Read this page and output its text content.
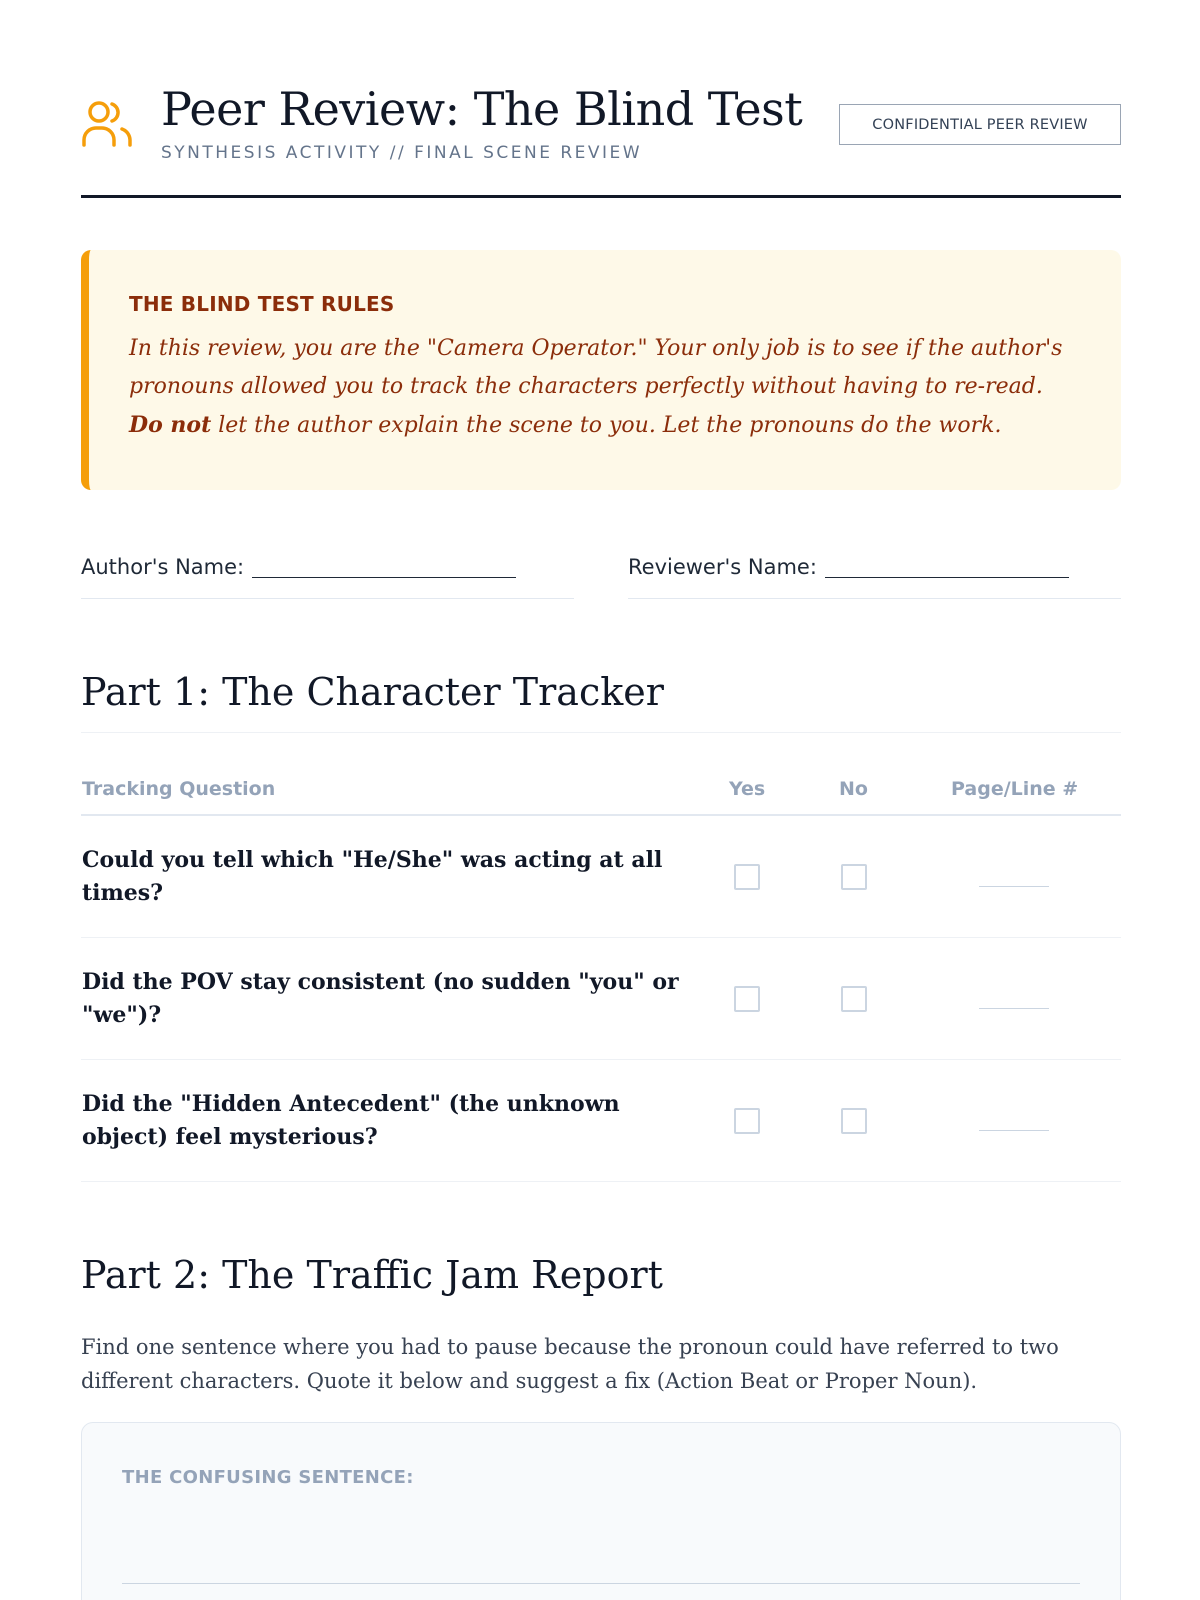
Peer Review: The Blind Test
SYNTHESIS ACTIVITY // FINAL SCENE REVIEW
CONFIDENTIAL PEER REVIEW
THE BLIND TEST RULES

In this review, you are the "Camera Operator." Your only job is to see if the author's pronouns allowed you to track the characters perfectly without having to re-read. Do not let the author explain the scene to you. Let the pronouns do the work.

Author's Name:	Reviewer's Name:
Part 1: The Character Tracker
Tracking Question	Yes	No	Page/Line #
Could you tell which "He/She" was acting at all times?
Did the POV stay consistent (no sudden "you" or "we")?
Did the "Hidden Antecedent" (the unknown object) feel mysterious?
Part 2: The Traffic Jam Report

Find one sentence where you had to pause because the pronoun could have referred to two different characters. Quote it below and suggest a fix (Action Beat or Proper Noun).

THE CONFUSING SENTENCE:
